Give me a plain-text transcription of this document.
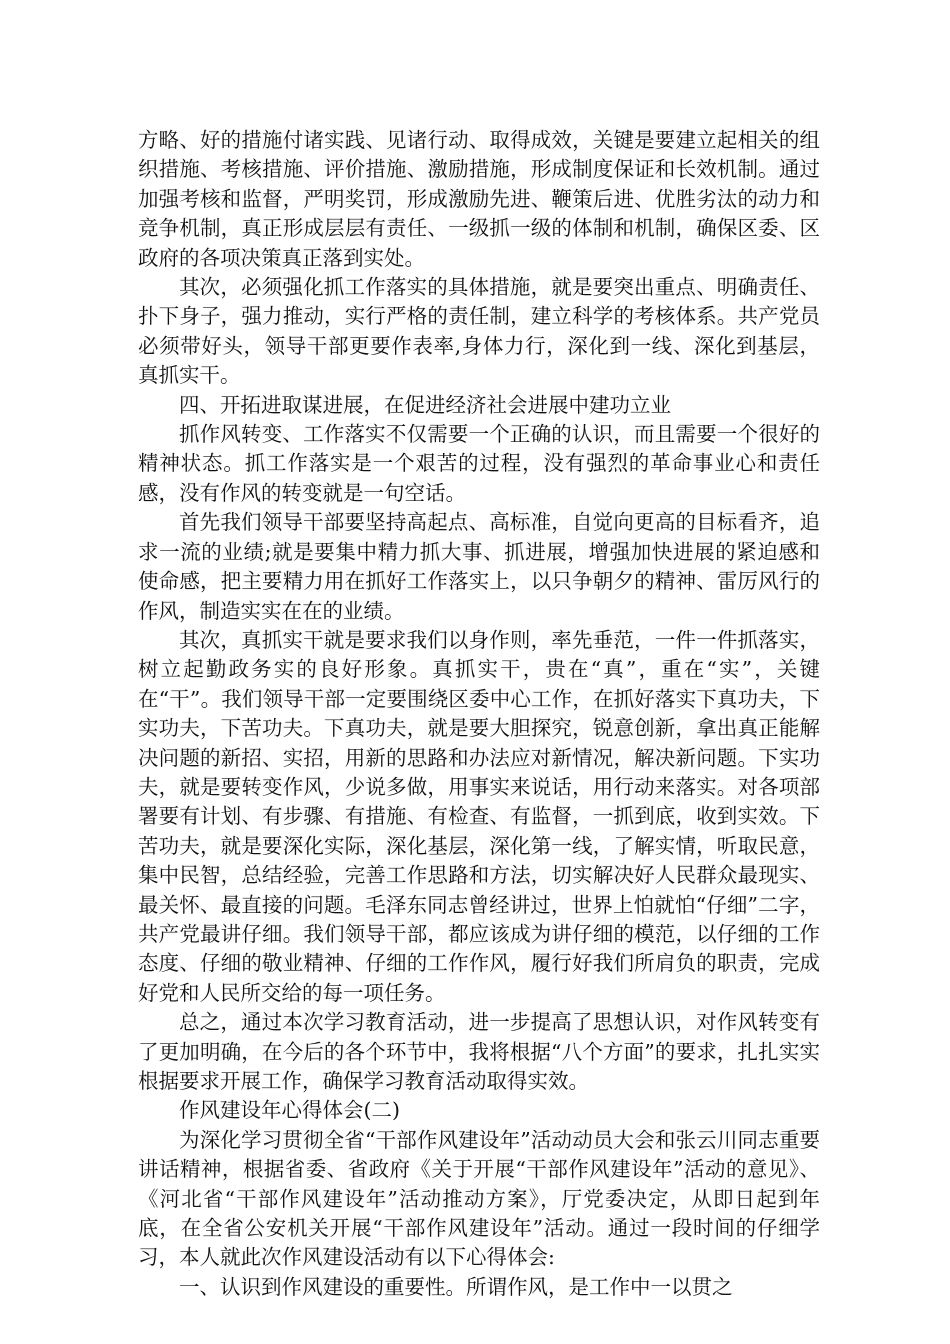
方略、好的措施付诸实践、见诸行动、取得成效，关键是要建立起相关的组织措施、考核措施、评价措施、激励措施，形成制度保证和长效机制。通过加强考核和监督，严明奖罚，形成激励先进、鞭策后进、优胜劣汰的动力和竞争机制，真正形成层层有责任、一级抓一级的体制和机制，确保区委、区政府的各项决策真正落到实处。

其次，必须强化抓工作落实的具体措施，就是要突出重点、明确责任、扑下身子，强力推动，实行严格的责任制，建立科学的考核体系。共产党员必须带好头，领导干部更要作表率,身体力行，深化到一线、深化到基层，真抓实干。

四、开拓进取谋进展，在促进经济社会进展中建功立业

抓作风转变、工作落实不仅需要一个正确的认识，而且需要一个很好的精神状态。抓工作落实是一个艰苦的过程，没有强烈的革命事业心和责任感，没有作风的转变就是一句空话。

首先我们领导干部要坚持高起点、高标准，自觉向更高的目标看齐，追求一流的业绩;就是要集中精力抓大事、抓进展，增强加快进展的紧迫感和使命感，把主要精力用在抓好工作落实上，以只争朝夕的精神、雷厉风行的作风，制造实实在在的业绩。

其次，真抓实干就是要求我们以身作则，率先垂范，一件一件抓落实，树立起勤政务实的良好形象。真抓实干，贵在“真”，重在“实”，关键在“干”。我们领导干部一定要围绕区委中心工作，在抓好落实下真功夫，下实功夫，下苦功夫。下真功夫，就是要大胆探究，锐意创新，拿出真正能解决问题的新招、实招，用新的思路和办法应对新情况，解决新问题。下实功夫，就是要转变作风，少说多做，用事实来说话，用行动来落实。对各项部署要有计划、有步骤、有措施、有检查、有监督，一抓到底，收到实效。下苦功夫，就是要深化实际，深化基层，深化第一线，了解实情，听取民意，集中民智，总结经验，完善工作思路和方法，切实解决好人民群众最现实、最关怀、最直接的问题。毛泽东同志曾经讲过，世界上怕就怕“仔细”二字，共产党最讲仔细。我们领导干部，都应该成为讲仔细的模范，以仔细的工作态度、仔细的敬业精神、仔细的工作作风，履行好我们所肩负的职责，完成好党和人民所交给的每一项任务。

总之，通过本次学习教育活动，进一步提高了思想认识，对作风转变有了更加明确，在今后的各个环节中，我将根据“八个方面”的要求，扎扎实实根据要求开展工作，确保学习教育活动取得实效。

作风建设年心得体会(二)

为深化学习贯彻全省“干部作风建设年”活动动员大会和张云川同志重要讲话精神，根据省委、省政府《关于开展“干部作风建设年”活动的意见》、《河北省“干部作风建设年”活动推动方案》，厅党委决定，从即日起到年底，在全省公安机关开展“干部作风建设年”活动。通过一段时间的仔细学习，本人就此次作风建设活动有以下心得体会:

一、认识到作风建设的重要性。所谓作风，是工作中一以贯之
